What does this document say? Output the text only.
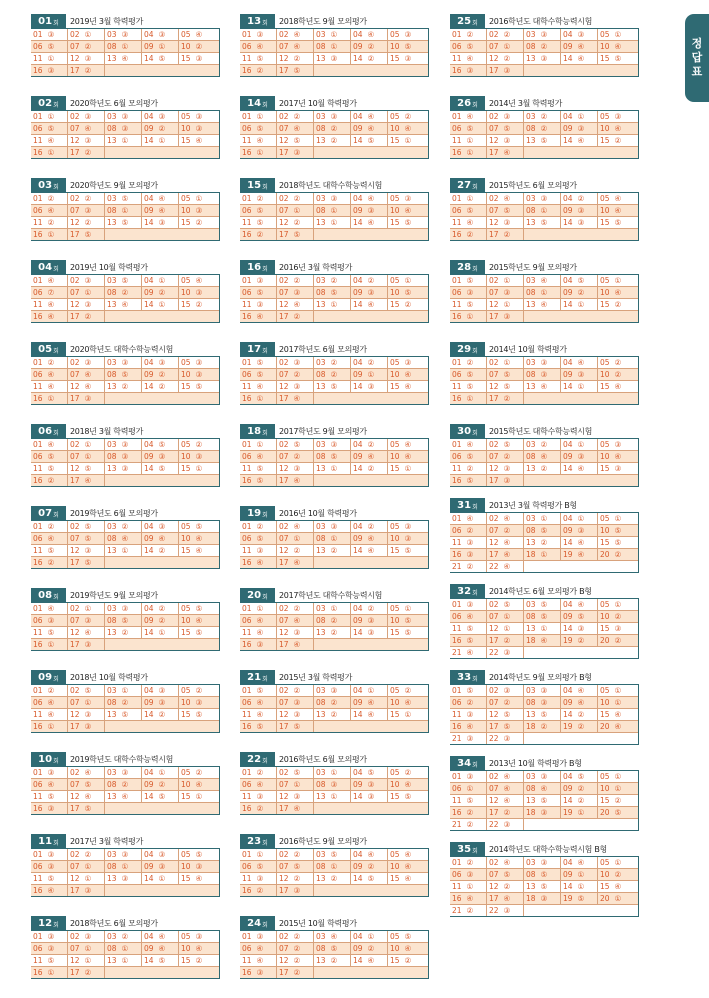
정
답
표
01 회 2019년 3월 학력평가
01 ③	02 ①	03 ③	04 ③	05 ④
06 ⑤	07 ②	08 ①	09 ①	10 ②
11 ①	12 ③	13 ④	14 ⑤	15 ③
16 ③	17 ②
02 회 2020학년도 6월 모의평가
01 ①	02 ③	03 ③	04 ③	05 ③
06 ⑤	07 ④	08 ③	09 ②	10 ③
11 ④	12 ③	13 ①	14 ①	15 ④
16 ①	17 ②
03 회 2020학년도 9월 모의평가
01 ②	02 ②	03 ⑤	04 ④	05 ①
06 ④	07 ③	08 ①	09 ④	10 ③
11 ②	12 ②	13 ⑤	14 ③	15 ②
16 ①	17 ⑤
04 회 2019년 10월 학력평가
01 ④	02 ③	03 ⑤	04 ①	05 ④
06 ⑦	07 ①	08 ②	09 ②	10 ③
11 ④	12 ③	13 ④	14 ①	15 ②
16 ④	17 ②
05 회 2020학년도 대학수학능력시험
01 ②	02 ③	03 ③	04 ③	05 ③
06 ④	07 ④	08 ⑤	09 ②	10 ③
11 ④	12 ④	13 ②	14 ②	15 ⑤
16 ①	17 ③
06 회 2018년 3월 학력평가
01 ④	02 ①	03 ③	04 ⑤	05 ②
06 ⑤	07 ①	08 ③	09 ③	10 ③
11 ⑤	12 ⑤	13 ③	14 ⑤	15 ①
16 ②	17 ④
07 회 2019학년도 6월 모의평가
01 ②	02 ⑤	03 ②	04 ③	05 ⑤
06 ④	07 ⑤	08 ④	09 ④	10 ④
11 ⑤	12 ③	13 ①	14 ②	15 ④
16 ②	17 ⑤
08 회 2019학년도 9월 모의평가
01 ④	02 ①	03 ③	04 ②	05 ⑤
06 ③	07 ③	08 ⑤	09 ②	10 ④
11 ⑤	12 ④	13 ②	14 ①	15 ⑤
16 ①	17 ③
09 회 2018년 10월 학력평가
01 ②	02 ⑤	03 ①	04 ③	05 ②
06 ④	07 ①	08 ②	09 ③	10 ③
11 ④	12 ③	13 ⑤	14 ②	15 ⑤
16 ①	17 ③
10 회 2019학년도 대학수학능력시험
01 ③	02 ④	03 ③	04 ①	05 ②
06 ④	07 ⑤	08 ②	09 ②	10 ④
11 ⑤	12 ④	13 ④	14 ⑤	15 ①
16 ③	17 ⑤
11 회 2017년 3월 학력평가
01 ③	02 ②	03 ③	04 ③	05 ⑤
06 ③	07 ①	08 ①	09 ③	10 ③
11 ⑤	12 ①	13 ③	14 ①	15 ④
16 ④	17 ③
12 회 2018학년도 6월 모의평가
01 ③	02 ③	03 ②	04 ④	05 ③
06 ③	07 ①	08 ①	09 ④	10 ④
11 ⑤	12 ①	13 ①	14 ⑤	15 ②
16 ①	17 ②
13 회 2018학년도 9월 모의평가
01 ③	02 ④	03 ①	04 ④	05 ③
06 ④	07 ④	08 ①	09 ②	10 ⑤
11 ⑤	12 ②	13 ③	14 ②	15 ③
16 ②	17 ⑤
14 회 2017년 10월 학력평가
01 ①	02 ②	03 ③	04 ④	05 ②
06 ⑤	07 ④	08 ②	09 ④	10 ④
11 ④	12 ⑤	13 ②	14 ⑤	15 ①
16 ①	17 ③
15 회 2018학년도 대학수학능력시험
01 ②	02 ②	03 ③	04 ④	05 ③
06 ⑤	07 ①	08 ①	09 ③	10 ④
11 ⑤	12 ②	13 ①	14 ④	15 ⑤
16 ②	17 ⑤
16 회 2016년 3월 학력평가
01 ③	02 ②	03 ②	04 ②	05 ①
06 ⑤	07 ③	08 ⑤	09 ③	10 ⑤
11 ③	12 ④	13 ①	14 ④	15 ②
16 ④	17 ②
17 회 2017학년도 6월 모의평가
01 ⑤	02 ③	03 ②	04 ②	05 ③
06 ⑤	07 ②	08 ②	09 ①	10 ④
11 ④	12 ③	13 ⑤	14 ③	15 ④
16 ①	17 ④
18 회 2017학년도 9월 모의평가
01 ①	02 ⑤	03 ③	04 ②	05 ④
06 ④	07 ②	08 ⑤	09 ④	10 ④
11 ⑤	12 ③	13 ①	14 ②	15 ①
16 ⑤	17 ④
19 회 2016년 10월 학력평가
01 ②	02 ④	03 ③	04 ②	05 ③
06 ⑤	07 ①	08 ①	09 ④	10 ③
11 ③	12 ②	13 ②	14 ④	15 ⑤
16 ④	17 ④
20 회 2017학년도 대학수학능력시험
01 ①	02 ②	03 ①	04 ②	05 ①
06 ④	07 ④	08 ②	09 ③	10 ⑤
11 ④	12 ③	13 ②	14 ③	15 ⑤
16 ③	17 ④
21 회 2015년 3월 학력평가
01 ⑤	02 ②	03 ③	04 ①	05 ②
06 ④	07 ③	08 ②	09 ④	10 ④
11 ④	12 ③	13 ②	14 ④	15 ①
16 ⑤	17 ⑤
22 회 2016학년도 6월 모의평가
01 ②	02 ⑤	03 ①	04 ⑤	05 ②
06 ④	07 ①	08 ③	09 ③	10 ④
11 ③	12 ③	13 ①	14 ③	15 ⑤
16 ②	17 ④
23 회 2016학년도 9월 모의평가
01 ①	02 ②	03 ⑤	04 ④	05 ④
06 ⑤	07 ⑤	08 ①	09 ②	10 ④
11 ③	12 ②	13 ②	14 ⑤	15 ④
16 ②	17 ③
24 회 2015년 10월 학력평가
01 ③	02 ②	03 ④	04 ①	05 ⑤
06 ④	07 ②	08 ⑤	09 ②	10 ④
11 ④	12 ②	13 ②	14 ④	15 ②
16 ③	17 ②
25 회 2016학년도 대학수학능력시험
01 ②	02 ②	03 ③	04 ③	05 ①
06 ⑤	07 ①	08 ②	09 ④	10 ④
11 ④	12 ②	13 ③	14 ④	15 ⑤
16 ③	17 ③
26 회 2014년 3월 학력평가
01 ④	02 ③	03 ②	04 ①	05 ③
06 ⑤	07 ⑤	08 ②	09 ③	10 ④
11 ①	12 ③	13 ⑤	14 ④	15 ②
16 ①	17 ④
27 회 2015학년도 6월 모의평가
01 ①	02 ④	03 ③	04 ②	05 ④
06 ⑤	07 ⑤	08 ①	09 ③	10 ④
11 ④	12 ③	13 ⑤	14 ③	15 ⑤
16 ②	17 ②
28 회 2015학년도 9월 모의평가
01 ⑤	02 ①	03 ④	04 ⑤	05 ①
06 ③	07 ③	08 ①	09 ②	10 ④
11 ⑤	12 ①	13 ④	14 ①	15 ②
16 ①	17 ③
29 회 2014년 10월 학력평가
01 ②	02 ①	03 ③	04 ④	05 ②
06 ⑤	07 ⑤	08 ③	09 ③	10 ②
11 ⑤	12 ⑤	13 ④	14 ①	15 ④
16 ①	17 ②
30 회 2015학년도 대학수학능력시험
01 ④	02 ⑤	03 ②	04 ①	05 ③
06 ⑤	07 ②	08 ④	09 ③	10 ④
11 ②	12 ③	13 ②	14 ④	15 ③
16 ⑤	17 ③
31 회 2013년 3월 학력평가 B형
01 ④	02 ④	03 ①	04 ①	05 ①
06 ②	07 ②	08 ⑤	09 ③	10 ⑤
11 ③	12 ④	13 ②	14 ④	15 ⑤
16 ③	17 ④	18 ①	19 ④	20 ②
21 ②	22 ④
32 회 2014학년도 6월 모의평가 B형
01 ③	02 ⑤	03 ⑤	04 ④	05 ①
06 ④	07 ①	08 ⑤	09 ⑤	10 ②
11 ⑤	12 ①	13 ①	14 ③	15 ③
16 ⑤	17 ②	18 ④	19 ②	20 ②
21 ④	22 ③
33 회 2014학년도 9월 모의평가 B형
01 ⑤	02 ③	03 ③	04 ④	05 ①
06 ②	07 ②	08 ③	09 ④	10 ①
11 ③	12 ⑤	13 ⑤	14 ②	15 ④
16 ④	17 ⑤	18 ②	19 ②	20 ④
21 ③	22 ③
34 회 2013년 10월 학력평가 B형
01 ③	02 ④	03 ③	04 ⑤	05 ①
06 ①	07 ④	08 ④	09 ②	10 ①
11 ⑤	12 ④	13 ⑤	14 ②	15 ②
16 ②	17 ②	18 ③	19 ①	20 ⑤
21 ②	22 ③
35 회 2014학년도 대학수학능력시험 B형
01 ②	02 ④	03 ③	04 ④	05 ①
06 ③	07 ⑤	08 ⑤	09 ①	10 ②
11 ①	12 ②	13 ⑤	14 ①	15 ④
16 ④	17 ④	18 ③	19 ⑤	20 ①
21 ②	22 ③
